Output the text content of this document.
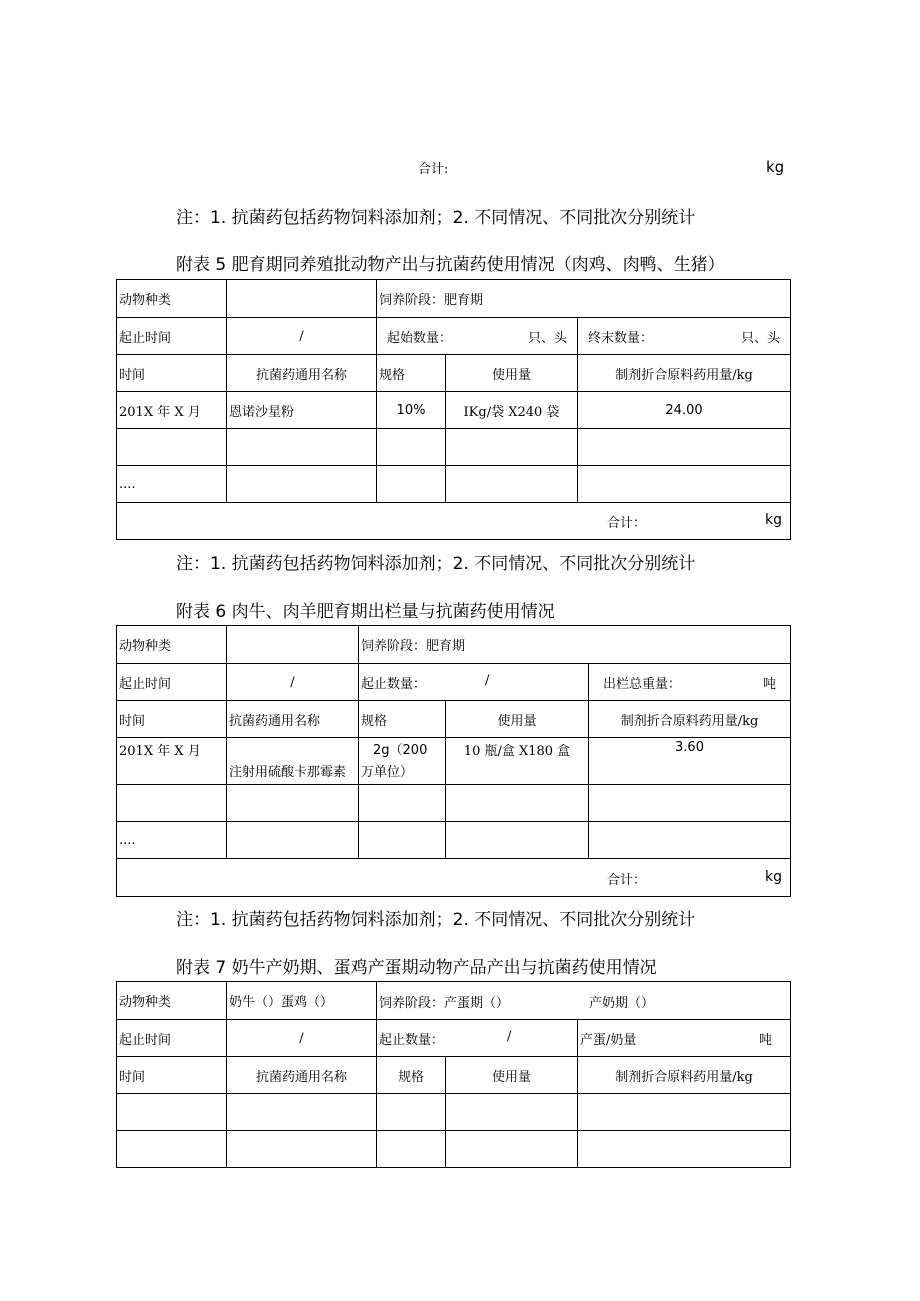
合计:	kg
注：1. 抗菌药包括药物饲料添加剂；2. 不同情况、不同批次分别统计
附表 5 肥育期同养殖批动物产出与抗菌药使用情况（肉鸡、肉鸭、生猪）
动物种类		饲养阶段：肥育期		
起止时间	/	起始数量： 只、头		终末数量： 只、头

时间	抗菌药通用名称	规格	使用量	制剂折合原料药用量/kg
201X 年 X 月	恩诺沙星粉	10%	IKg/袋 X240 袋	24.00

....				

合计： kg				
注：1. 抗菌药包括药物饲料添加剂；2. 不同情况、不同批次分别统计
附表 6 肉牛、肉羊肥育期出栏量与抗菌药使用情况
动物种类		饲养阶段：肥育期		
起止时间	/	起止数量： /		出栏总重量： 吨

时间	抗菌药通用名称	规格	使用量	制剂折合原料药用量/kg
201X 年 X 月	注射用硫酸卡那霉素	2g（200
万单位）	10 瓶/盒 X180 盒	3.60

....				

合计： kg				
注：1. 抗菌药包括药物饲料添加剂；2. 不同情况、不同批次分别统计
附表 7 奶牛产奶期、蛋鸡产蛋期动物产品产出与抗菌药使用情况
动物种类	奶牛（）蛋鸡（）	饲养阶段：产蛋期（） 产奶期（）		

起止时间	/	起止数量： /		产蛋/奶量 吨

时间	抗菌药通用名称	规格	使用量	制剂折合原料药用量/kg
